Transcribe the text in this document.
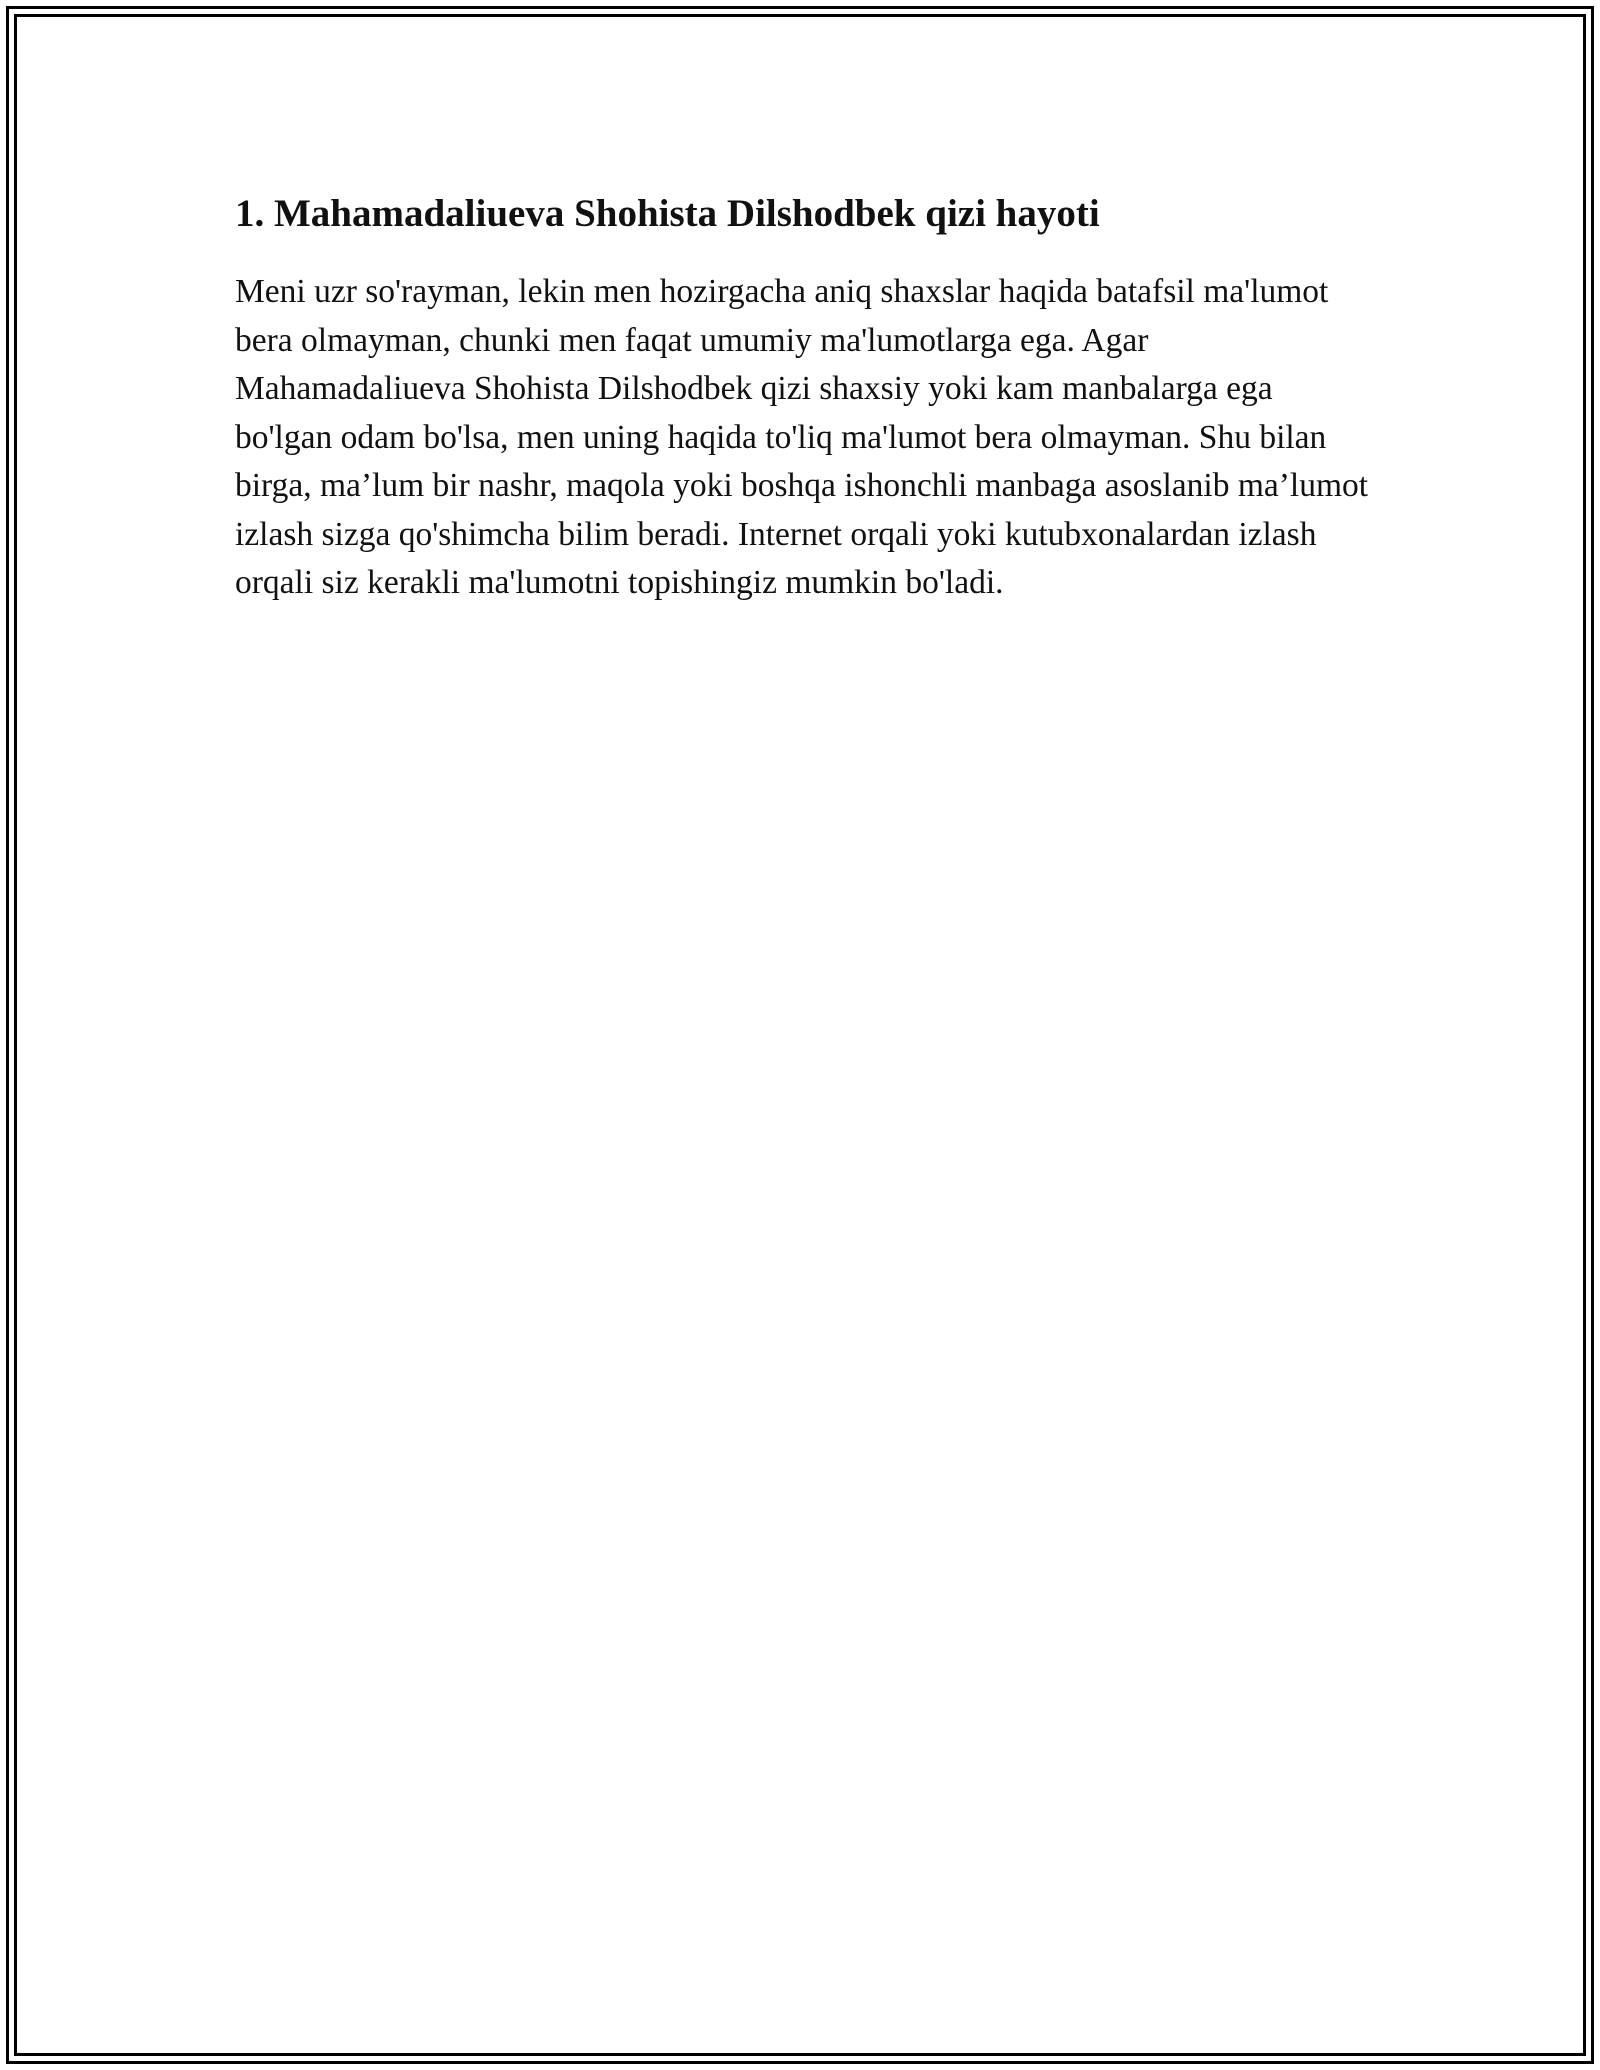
1. Mahamadaliueva Shohista Dilshodbek qizi hayoti

Meni uzr so'rayman, lekin men hozirgacha aniq shaxslar haqida batafsil ma'lumot bera olmayman, chunki men faqat umumiy ma'lumotlarga ega. Agar Mahamadaliueva Shohista Dilshodbek qizi shaxsiy yoki kam manbalarga ega bo'lgan odam bo'lsa, men uning haqida to'liq ma'lumot bera olmayman. Shu bilan birga, ma’lum bir nashr, maqola yoki boshqa ishonchli manbaga asoslanib ma’lumot izlash sizga qo'shimcha bilim beradi. Internet orqali yoki kutubxonalardan izlash orqali siz kerakli ma'lumotni topishingiz mumkin bo'ladi.
